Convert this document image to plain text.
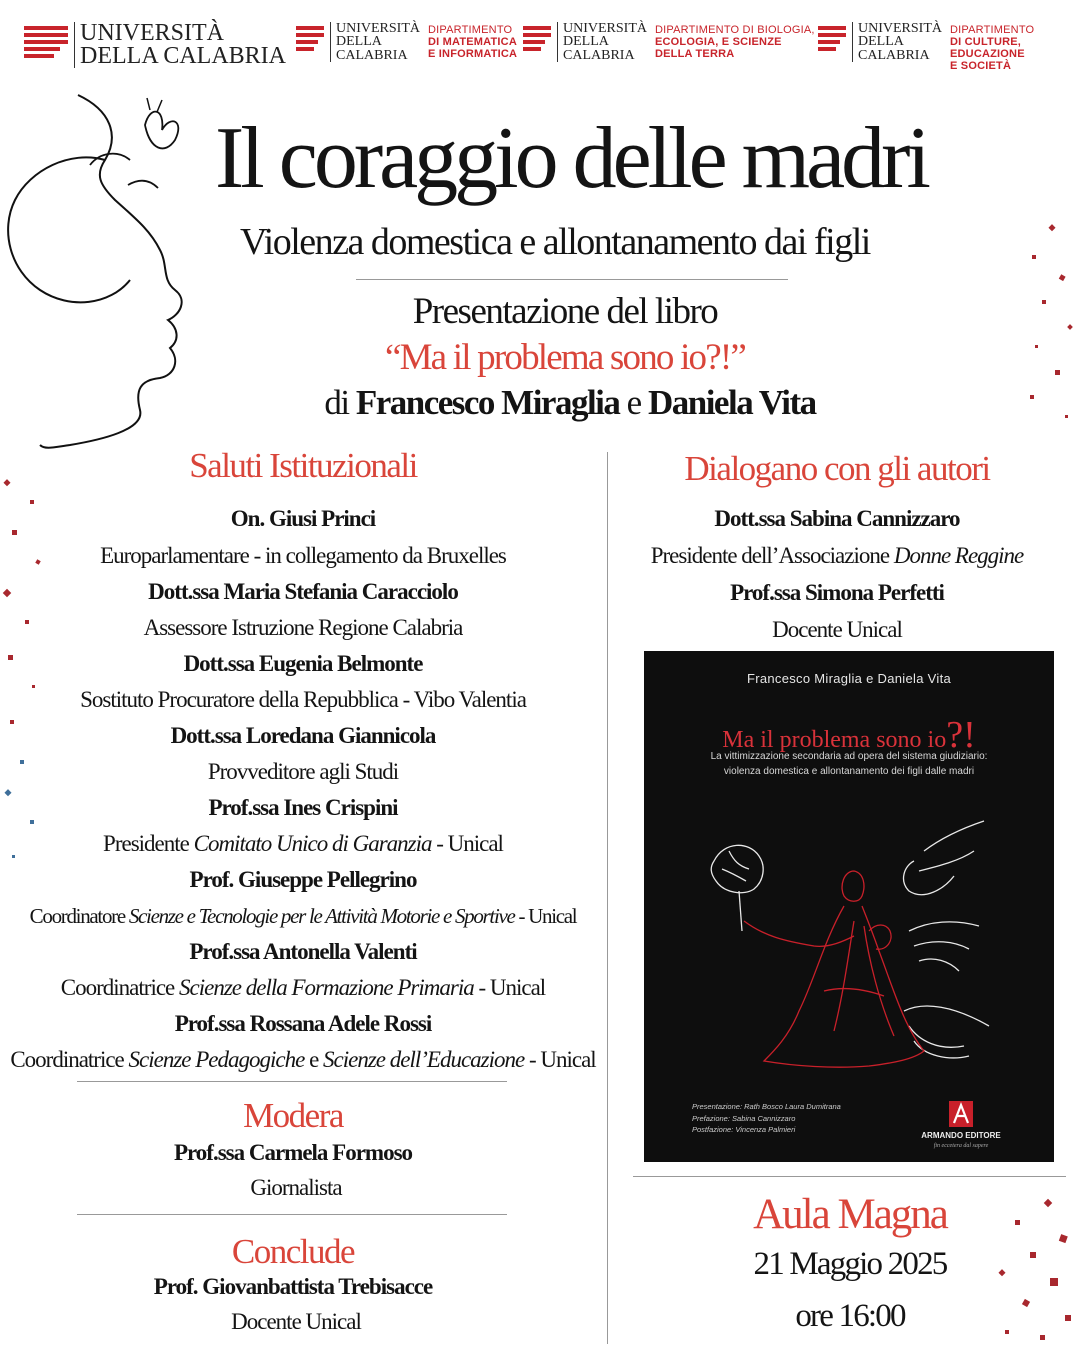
UNIVERSITÀ
DELLA CALABRIA
UNIVERSITÀ
DELLA
CALABRIA
DIPARTIMENTO
DI MATEMATICA
E INFORMATICA
UNIVERSITÀ
DELLA
CALABRIA
DIPARTIMENTO DI BIOLOGIA,
ECOLOGIA, E SCIENZE
DELLA TERRA
UNIVERSITÀ
DELLA
CALABRIA
DIPARTIMENTO
DI CULTURE, EDUCAZIONE
E SOCIETÀ
Il coraggio delle madri
Violenza domestica e allontanamento dai figli
Presentazione del libro
“Ma il problema sono io?!”
di Francesco Miraglia e Daniela Vita
Saluti Istituzionali
On. Giusi Princi
Europarlamentare - in collegamento da Bruxelles
Dott.ssa Maria Stefania Caracciolo
Assessore Istruzione Regione Calabria
Dott.ssa Eugenia Belmonte
Sostituto Procuratore della Repubblica - Vibo Valentia
Dott.ssa Loredana Giannicola
Provveditore agli Studi
Prof.ssa Ines Crispini
Presidente Comitato Unico di Garanzia - Unical
Prof. Giuseppe Pellegrino
Coordinatore Scienze e Tecnologie per le Attività Motorie e Sportive - Unical
Prof.ssa Antonella Valenti
Coordinatrice Scienze della Formazione Primaria - Unical
Prof.ssa Rossana Adele Rossi
Coordinatrice Scienze Pedagogiche e Scienze dell’Educazione - Unical
Modera
Prof.ssa Carmela Formoso
Giornalista
Conclude
Prof. Giovanbattista Trebisacce
Docente Unical
Dialogano con gli autori
Dott.ssa Sabina Cannizzaro
Presidente dell’Associazione Donne Reggine
Prof.ssa Simona Perfetti
Docente Unical
Francesco Miraglia e Daniela Vita
Ma il problema sono io?!
La vittimizzazione secondaria ad opera del sistema giudiziario:
violenza domestica e allontanamento dei figli dalle madri
Presentazione: Rath Bosco Laura Dumitrana
Prefazione: Sabina Cannizzaro
Postfazione: Vincenza Palmieri
ARMANDO EDITORE
fin eccetera dal sapere
Aula Magna
21 Maggio 2025
ore 16:00
